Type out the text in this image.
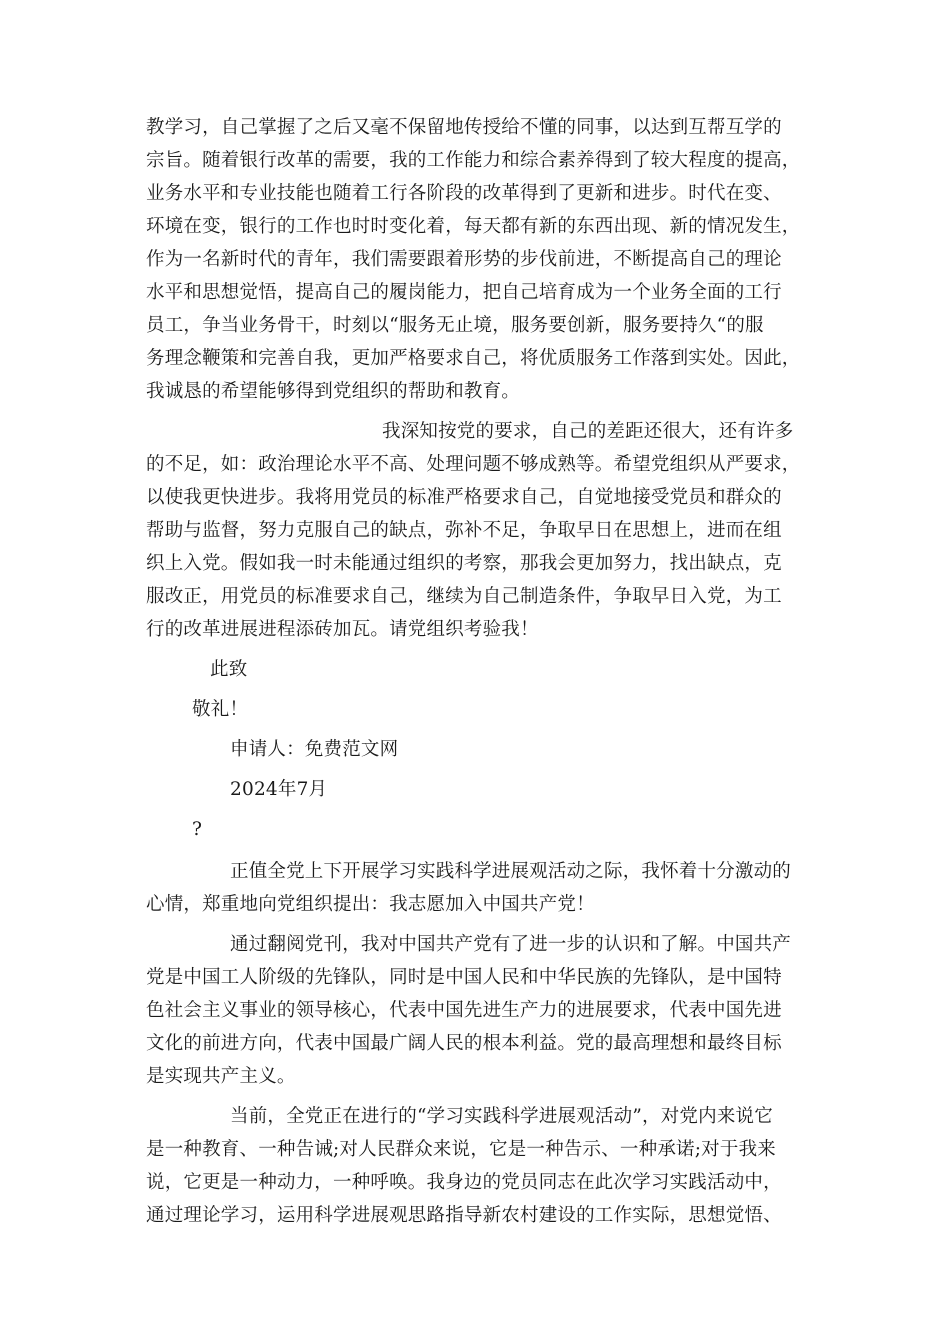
教学习，自己掌握了之后又毫不保留地传授给不懂的同事，以达到互帮互学的
宗旨。随着银行改革的需要，我的工作能力和综合素养得到了较大程度的提高，
业务水平和专业技能也随着工行各阶段的改革得到了更新和进步。时代在变、
环境在变，银行的工作也时时变化着，每天都有新的东西出现、新的情况发生，
作为一名新时代的青年，我们需要跟着形势的步伐前进，不断提高自己的理论
水平和思想觉悟，提高自己的履岗能力，把自己培育成为一个业务全面的工行
员工，争当业务骨干，时刻以“服务无止境，服务要创新，服务要持久“的服
务理念鞭策和完善自我，更加严格要求自己，将优质服务工作落到实处。因此，
我诚恳的希望能够得到党组织的帮助和教育。
我深知按党的要求，自己的差距还很大，还有许多
的不足，如：政治理论水平不高、处理问题不够成熟等。希望党组织从严要求，
以使我更快进步。我将用党员的标准严格要求自己，自觉地接受党员和群众的
帮助与监督，努力克服自己的缺点，弥补不足，争取早日在思想上，进而在组
织上入党。假如我一时未能通过组织的考察，那我会更加努力，找出缺点，克
服改正，用党员的标准要求自己，继续为自己制造条件，争取早日入党，为工
行的改革进展进程添砖加瓦。请党组织考验我！
此致
敬礼！
申请人：免费范文网
2024年7月
?
正值全党上下开展学习实践科学进展观活动之际，我怀着十分激动的
心情，郑重地向党组织提出：我志愿加入中国共产党！
通过翻阅党刊，我对中国共产党有了进一步的认识和了解。中国共产
党是中国工人阶级的先锋队，同时是中国人民和中华民族的先锋队，是中国特
色社会主义事业的领导核心，代表中国先进生产力的进展要求，代表中国先进
文化的前进方向，代表中国最广阔人民的根本利益。党的最高理想和最终目标
是实现共产主义。
当前，全党正在进行的“学习实践科学进展观活动”，对党内来说它
是一种教育、一种告诫;对人民群众来说，它是一种告示、一种承诺;对于我来
说，它更是一种动力，一种呼唤。我身边的党员同志在此次学习实践活动中，
通过理论学习，运用科学进展观思路指导新农村建设的工作实际，思想觉悟、
